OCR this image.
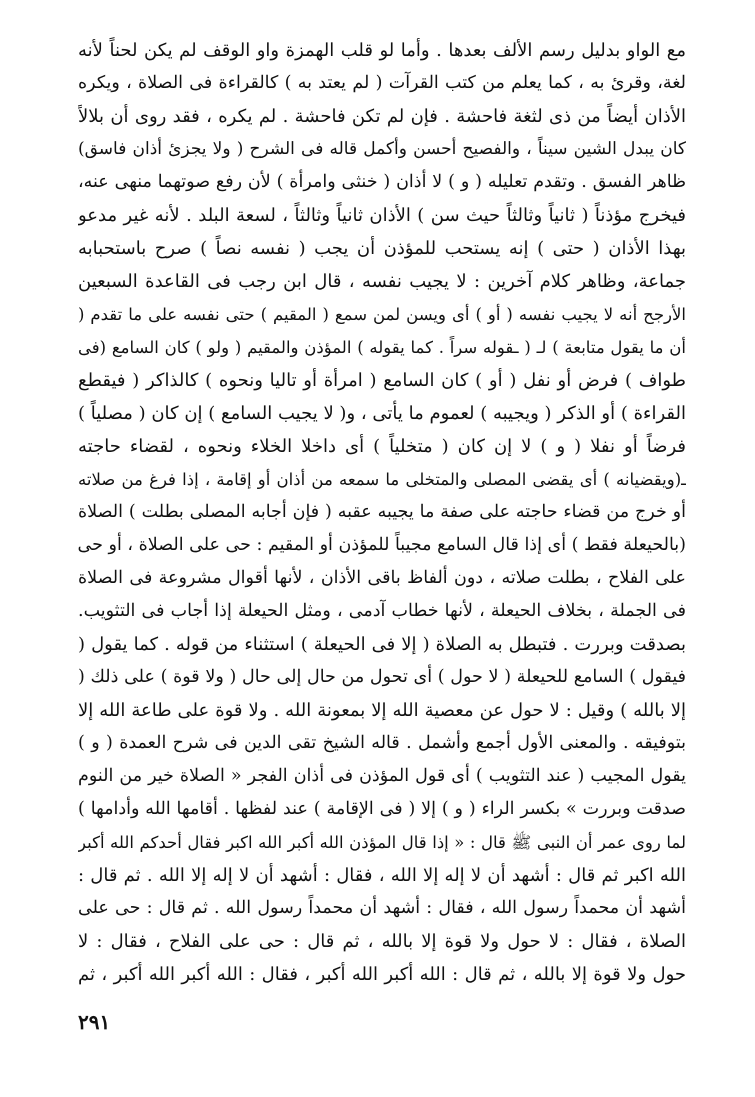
مع الواو بدليل رسم الألف بعدها . وأما لو قلب الهمزة واو الوقف لم يكن لحناً لأنه
لغة، وقرئ به ، كما يعلم من كتب القرآت ( لم يعتد به ) كالقراءة فى الصلاة ، ويكره
الأذان أيضاً من ذى لثغة فاحشة . فإن لم تكن فاحشة . لم يكره ، فقد روى أن بلالاً
كان يبدل الشين سيناً ، والفصيح أحسن وأكمل قاله فى الشرح ( ولا يجزئ أذان فاسق)
ظاهر الفسق . وتقدم تعليله ( و ) لا أذان ( خنثى وامرأة ) لأن رفع صوتهما منهى عنه،
فيخرج مؤذناً ( ثانياً وثالثاً حيث سن ) الأذان ثانياً وثالثاً ، لسعة البلد . لأنه غير مدعو
بهذا الأذان ( حتى ) إنه يستحب للمؤذن أن يجب ( نفسه نصاً ) صرح باستحبابه
جماعة، وظاهر كلام آخرين : لا يجيب نفسه ، قال ابن رجب فى القاعدة السبعين
الأرجح أنه لا يجيب نفسه ( أو ) أى ويسن لمن سمع ( المقيم ) حتى نفسه على ما تقدم (
أن ما يقول متابعة ) لـ ( ـقوله سراً . كما يقوله ) المؤذن والمقيم ( ولو ) كان السامع (فى
طواف ) فرض أو نفل ( أو ) كان السامع ( امرأة أو تاليا ونحوه ) كالذاكر ( فيقطع
القراءة ) أو الذكر ( ويجيبه ) لعموم ما يأتى ، و( لا يجيب السامع ) إن كان ( مصلياً )
فرضاً أو نفلا ( و ) لا إن كان ( متخلياً ) أى داخلا الخلاء ونحوه ، لقضاء حاجته
ـ(ويقضيانه ) أى يقضى المصلى والمتخلى ما سمعه من أذان أو إقامة ، إذا فرغ من صلاته
أو خرج من قضاء حاجته على صفة ما يجيبه عقبه ( فإن أجابه المصلى بطلت ) الصلاة
(بالحيعلة فقط ) أى إذا قال السامع مجيباً للمؤذن أو المقيم : حى على الصلاة ، أو حى
على الفلاح ، بطلت صلاته ، دون ألفاظ باقى الأذان ، لأنها أقوال مشروعة فى الصلاة
فى الجملة ، بخلاف الحيعلة ، لأنها خطاب آدمى ، ومثل الحيعلة إذا أجاب فى التثويب.
بصدقت وبررت . فتبطل به الصلاة ( إلا فى الحيعلة ) استثناء من قوله . كما يقول (
فيقول ) السامع للحيعلة ( لا حول ) أى تحول من حال إلى حال ( ولا قوة ) على ذلك (
إلا بالله ) وقيل : لا حول عن معصية الله إلا بمعونة الله . ولا قوة على طاعة الله إلا
بتوفيقه . والمعنى الأول أجمع وأشمل . قاله الشيخ تقى الدين فى شرح العمدة ( و )
يقول المجيب ( عند التثويب ) أى قول المؤذن فى أذان الفجر « الصلاة خير من النوم
صدقت وبررت » بكسر الراء ( و ) إلا ( فى الإقامة ) عند لفظها . أقامها الله وأدامها )
لما روى عمر أن النبى ﷺ قال : « إذا قال المؤذن الله أكبر الله اكبر فقال أحدكم الله أكبر
الله اكبر ثم قال : أشهد أن لا إله إلا الله ، فقال : أشهد أن لا إله إلا الله . ثم قال :
أشهد أن محمداً رسول الله ، فقال : أشهد أن محمداً رسول الله . ثم قال : حى على
الصلاة ، فقال : لا حول ولا قوة إلا بالله ، ثم قال : حى على الفلاح ، فقال : لا
حول ولا قوة إلا بالله ، ثم قال : الله أكبر الله أكبر ، فقال : الله أكبر الله أكبر ، ثم
٢٩١
